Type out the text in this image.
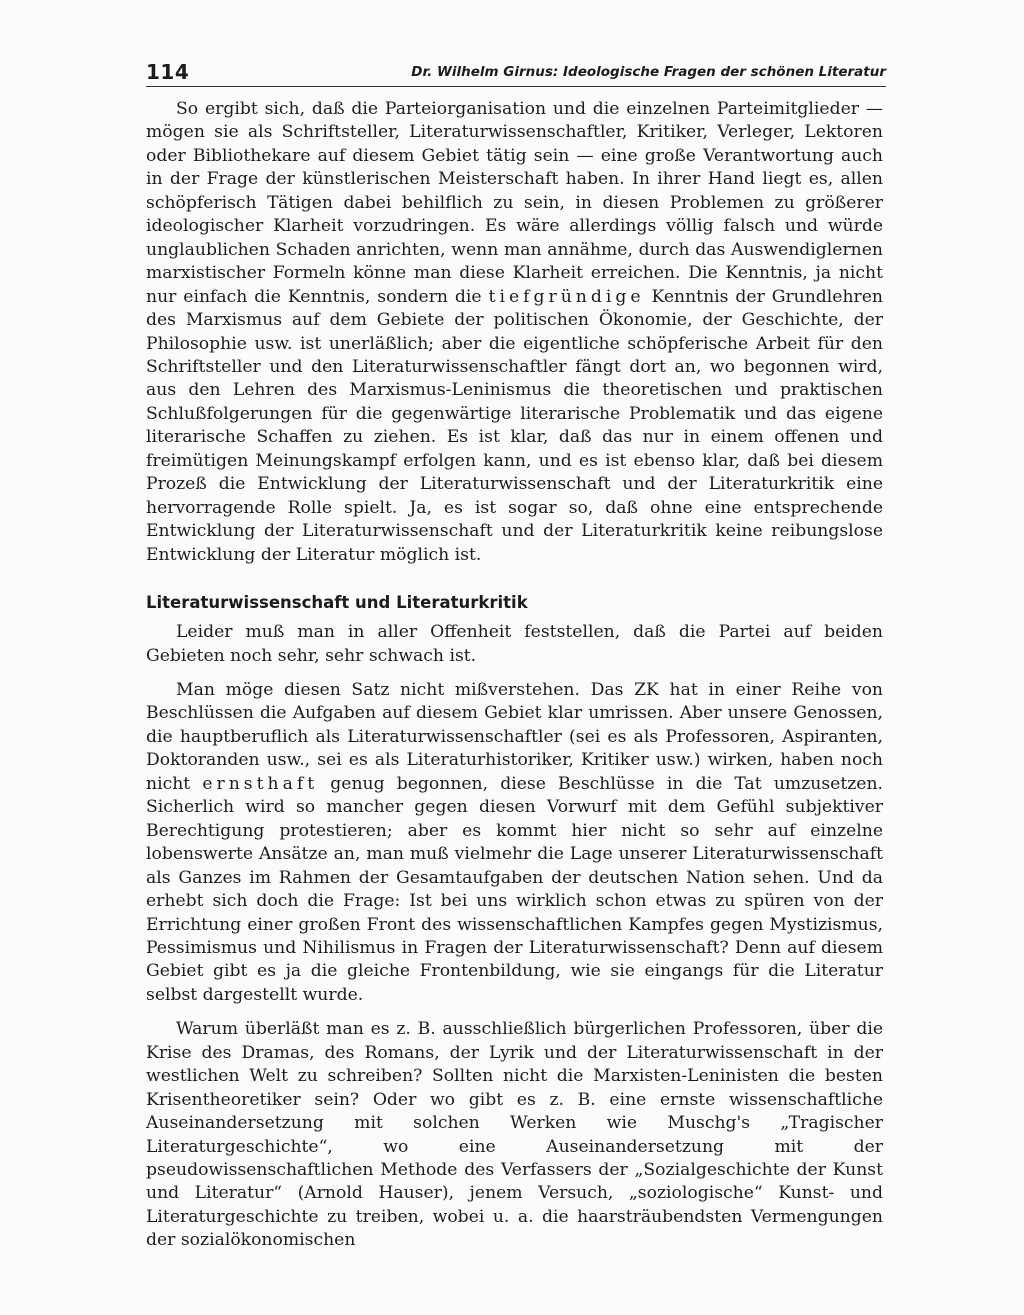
114	Dr. Wilhelm Girnus: Ideologische Fragen der schönen Literatur

So ergibt sich, daß die Parteiorganisation und die einzelnen Parteimitglieder — mögen sie als Schriftsteller, Literaturwissenschaftler, Kritiker, Verleger, Lektoren oder Bibliothekare auf diesem Gebiet tätig sein — eine große Verantwortung auch in der Frage der künstlerischen Meisterschaft haben. In ihrer Hand liegt es, allen schöpferisch Tätigen dabei behilflich zu sein, in diesen Problemen zu größerer ideologischer Klarheit vorzudringen. Es wäre allerdings völlig falsch und würde unglaublichen Schaden anrichten, wenn man annähme, durch das Auswendiglernen marxistischer Formeln könne man diese Klarheit erreichen. Die Kenntnis, ja nicht nur einfach die Kenntnis, sondern die tiefgründige Kenntnis der Grundlehren des Marxismus auf dem Gebiete der politischen Ökonomie, der Geschichte, der Philosophie usw. ist unerläßlich; aber die eigentliche schöpferische Arbeit für den Schriftsteller und den Literaturwissenschaftler fängt dort an, wo begonnen wird, aus den Lehren des Marxismus-Leninismus die theoretischen und praktischen Schlußfolgerungen für die gegenwärtige literarische Problematik und das eigene literarische Schaffen zu ziehen. Es ist klar, daß das nur in einem offenen und freimütigen Meinungskampf erfolgen kann, und es ist ebenso klar, daß bei diesem Prozeß die Entwicklung der Literaturwissenschaft und der Literaturkritik eine hervorragende Rolle spielt. Ja, es ist sogar so, daß ohne eine entsprechende Entwicklung der Literaturwissenschaft und der Literaturkritik keine reibungslose Entwicklung der Literatur möglich ist.

Literaturwissenschaft und Literaturkritik

Leider muß man in aller Offenheit feststellen, daß die Partei auf beiden Gebieten noch sehr, sehr schwach ist.

Man möge diesen Satz nicht mißverstehen. Das ZK hat in einer Reihe von Beschlüssen die Aufgaben auf diesem Gebiet klar umrissen. Aber unsere Genossen, die hauptberuflich als Literaturwissenschaftler (sei es als Professoren, Aspiranten, Doktoranden usw., sei es als Literaturhistoriker, Kritiker usw.) wirken, haben noch nicht ernsthaft genug begonnen, diese Beschlüsse in die Tat umzusetzen. Sicherlich wird so mancher gegen diesen Vorwurf mit dem Gefühl subjektiver Berechtigung protestieren; aber es kommt hier nicht so sehr auf einzelne lobenswerte Ansätze an, man muß vielmehr die Lage unserer Literaturwissenschaft als Ganzes im Rahmen der Gesamtaufgaben der deutschen Nation sehen. Und da erhebt sich doch die Frage: Ist bei uns wirklich schon etwas zu spüren von der Errichtung einer großen Front des wissenschaftlichen Kampfes gegen Mystizismus, Pessimismus und Nihilismus in Fragen der Literaturwissenschaft? Denn auf diesem Gebiet gibt es ja die gleiche Frontenbildung, wie sie eingangs für die Literatur selbst dargestellt wurde.

Warum überläßt man es z. B. ausschließlich bürgerlichen Professoren, über die Krise des Dramas, des Romans, der Lyrik und der Literaturwissenschaft in der westlichen Welt zu schreiben? Sollten nicht die Marxisten-Leninisten die besten Krisentheoretiker sein? Oder wo gibt es z. B. eine ernste wissenschaftliche Auseinandersetzung mit solchen Werken wie Muschg's „Tragischer Literaturgeschichte“, wo eine Auseinandersetzung mit der pseudowissenschaftlichen Methode des Verfassers der „Sozialgeschichte der Kunst und Literatur“ (Arnold Hauser), jenem Versuch, „soziologische“ Kunst- und Literaturgeschichte zu treiben, wobei u. a. die haarsträubendsten Vermengungen der sozialökonomischen
